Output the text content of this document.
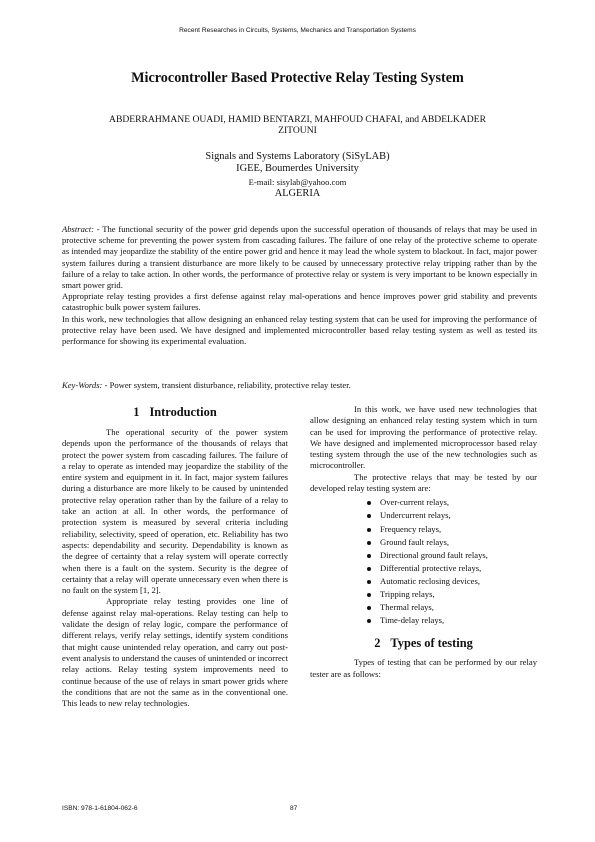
Recent Researches in Circuits, Systems, Mechanics and Transportation Systems
Microcontroller Based Protective Relay Testing System
ABDERRAHMANE OUADI, HAMID BENTARZI, MAHFOUD CHAFAI, and ABDELKADER ZITOUNI
Signals and Systems Laboratory (SiSyLAB)
IGEE, Boumerdes University
E-mail: sisylab@yahoo.com
ALGERIA

Abstract: - The functional security of the power grid depends upon the successful operation of thousands of relays that may be used in protective scheme for preventing the power system from cascading failures. The failure of one relay of the protective scheme to operate as intended may jeopardize the stability of the entire power grid and hence it may lead the whole system to blackout. In fact, major power system failures during a transient disturbance are more likely to be caused by unnecessary protective relay tripping rather than by the failure of a relay to take action. In other words, the performance of protective relay or system is very important to be known especially in smart power grid.

Appropriate relay testing provides a first defense against relay mal-operations and hence improves power grid stability and prevents catastrophic bulk power system failures.

In this work, new technologies that allow designing an enhanced relay testing system that can be used for improving the performance of protective relay have been used. We have designed and implemented microcontroller based relay testing system as well as tested its performance for showing its experimental evaluation.

Key-Words: - Power system, transient disturbance, reliability, protective relay tester.
1 Introduction

The operational security of the power system depends upon the performance of the thousands of relays that protect the power system from cascading failures. The failure of a relay to operate as intended may jeopardize the stability of the entire system and equipment in it. In fact, major system failures during a disturbance are more likely to be caused by unintended protective relay operation rather than by the failure of a relay to take an action at all. In other words, the performance of protection system is measured by several criteria including reliability, selectivity, speed of operation, etc. Reliability has two aspects: dependability and security. Dependability is known as the degree of certainty that a relay system will operate correctly when there is a fault on the system. Security is the degree of certainty that a relay will operate unnecessary even when there is no fault on the system [1, 2].

Appropriate relay testing provides one line of defense against relay mal-operations. Relay testing can help to validate the design of relay logic, compare the performance of different relays, verify relay settings, identify system conditions that might cause unintended relay operation, and carry out post-event analysis to understand the causes of unintended or incorrect relay actions. Relay testing system improvements need to continue because of the use of relays in smart power grids where the conditions that are not the same as in the conventional one. This leads to new relay technologies.

In this work, we have used new technologies that allow designing an enhanced relay testing system which in turn can be used for improving the performance of protective relay. We have designed and implemented microprocessor based relay testing system through the use of the new technologies such as microcontroller.

The protective relays that may be tested by our developed relay testing system are:

Over-current relays,
Undercurrent relays,
Frequency relays,
Ground fault relays,
Directional ground fault relays,
Differential protective relays,
Automatic reclosing devices,
Tripping relays,
Thermal relays,
Time-delay relays,
2 Types of testing

Types of testing that can be performed by our relay tester are as follows:

ISBN: 978-1-61804-062-6	87
